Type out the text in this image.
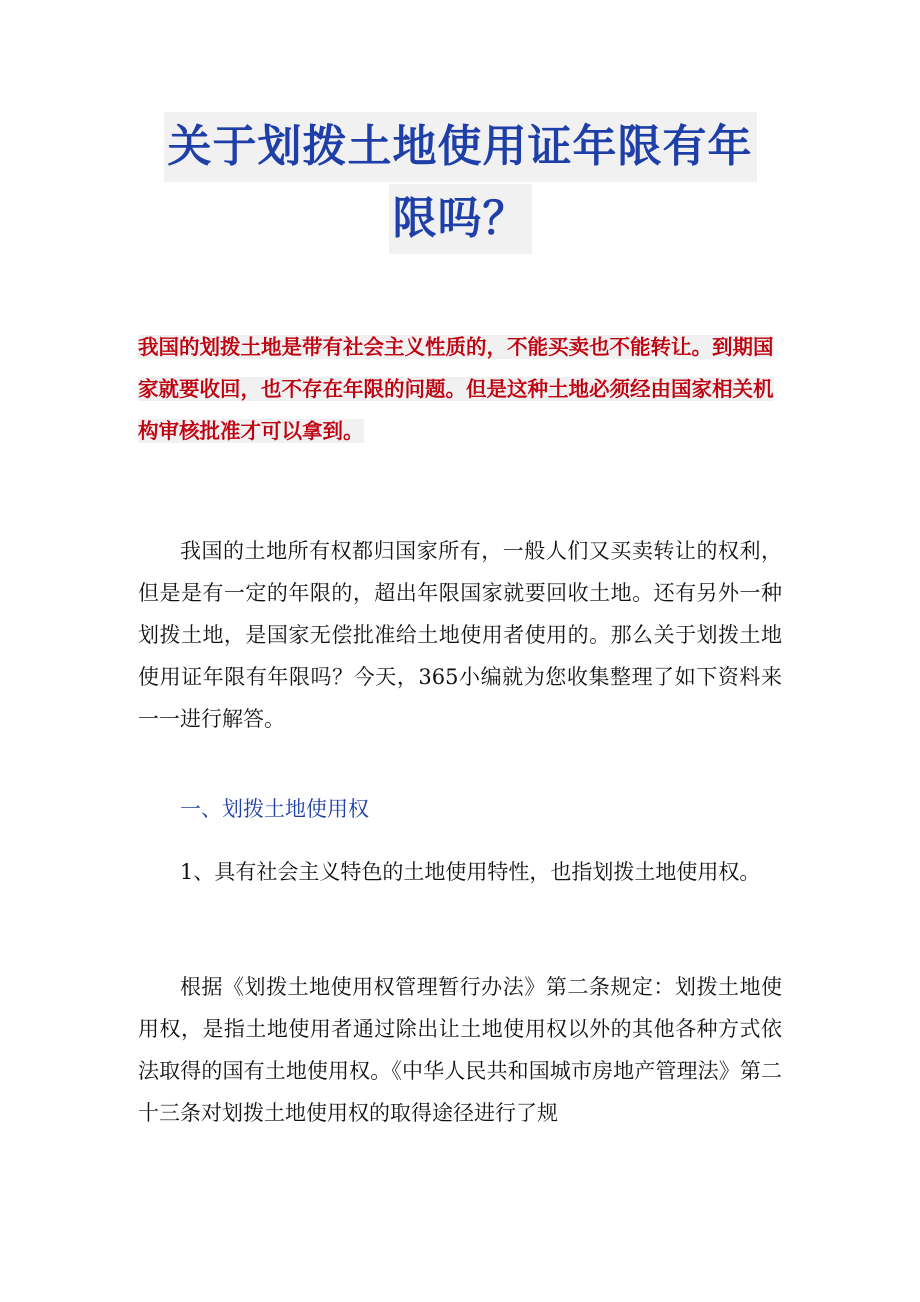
关于划拨土地使用证年限有年
限吗？
我国的划拨土地是带有社会主义性质的，不能买卖也不能转让。到期国家就要收回，也不存在年限的问题。但是这种土地必须经由国家相关机构审核批准才可以拿到。
我国的土地所有权都归国家所有，一般人们又买卖转让的权利，但是是有一定的年限的，超出年限国家就要回收土地。还有另外一种划拨土地，是国家无偿批准给土地使用者使用的。那么关于划拨土地使用证年限有年限吗？今天，365小编就为您收集整理了如下资料来一一进行解答。
一、划拨土地使用权
1、具有社会主义特色的土地使用特性，也指划拨土地使用权。
根据《划拨土地使用权管理暂行办法》第二条规定：划拨土地使用权，是指土地使用者通过除出让土地使用权以外的其他各种方式依法取得的国有土地使用权。《中华人民共和国城市房地产管理法》第二十三条对划拨土地使用权的取得途径进行了规
